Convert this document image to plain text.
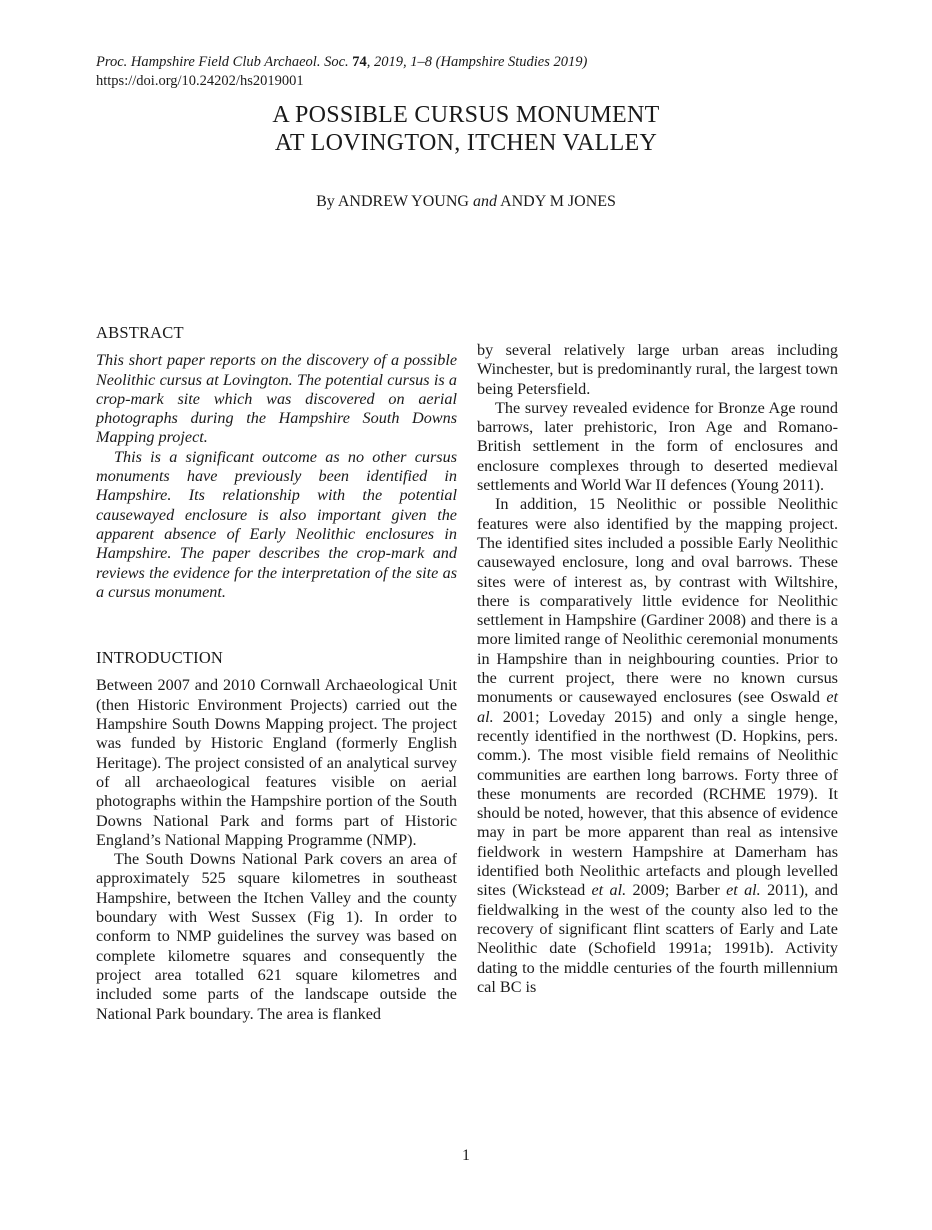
Proc. Hampshire Field Club Archaeol. Soc. 74, 2019, 1–8 (Hampshire Studies 2019)
https://doi.org/10.24202/hs2019001
A POSSIBLE CURSUS MONUMENT
AT LOVINGTON, ITCHEN VALLEY
By ANDREW YOUNG and ANDY M JONES

ABSTRACT

This short paper reports on the discovery of a possible Neolithic cursus at Lovington. The potential cursus is a crop-mark site which was discovered on aerial photographs during the Hampshire South Downs Mapping project.

This is a significant outcome as no other cursus monuments have previously been identified in Hampshire. Its relationship with the potential causewayed enclosure is also important given the apparent absence of Early Neolithic enclosures in Hampshire. The paper describes the crop-mark and reviews the evidence for the interpretation of the site as a cursus monument.

INTRODUCTION

Between 2007 and 2010 Cornwall Archaeological Unit (then Historic Environment Projects) carried out the Hampshire South Downs Mapping project. The project was funded by Historic England (formerly English Heritage). The project consisted of an analytical survey of all archaeological features visible on aerial photographs within the Hampshire portion of the South Downs National Park and forms part of Historic England’s National Mapping Programme (NMP).

The South Downs National Park covers an area of approximately 525 square kilometres in southeast Hampshire, between the Itchen Valley and the county boundary with West Sussex (Fig 1). In order to conform to NMP guidelines the survey was based on complete kilometre squares and consequently the project area totalled 621 square kilometres and included some parts of the landscape outside the National Park boundary. The area is flanked

by several relatively large urban areas including Winchester, but is predominantly rural, the largest town being Petersfield.

The survey revealed evidence for Bronze Age round barrows, later prehistoric, Iron Age and Romano-British settlement in the form of enclosures and enclosure complexes through to deserted medieval settlements and World War II defences (Young 2011).

In addition, 15 Neolithic or possible Neolithic features were also identified by the mapping project. The identified sites included a possible Early Neolithic causewayed enclosure, long and oval barrows. These sites were of interest as, by contrast with Wiltshire, there is comparatively little evidence for Neolithic settlement in Hampshire (Gardiner 2008) and there is a more limited range of Neolithic ceremonial monuments in Hampshire than in neighbouring counties. Prior to the current project, there were no known cursus monuments or causewayed enclosures (see Oswald et al. 2001; Loveday 2015) and only a single henge, recently identified in the northwest (D. Hopkins, pers. comm.). The most visible field remains of Neolithic communities are earthen long barrows. Forty three of these monuments are recorded (RCHME 1979). It should be noted, however, that this absence of evidence may in part be more apparent than real as intensive fieldwork in western Hampshire at Damerham has identified both Neolithic artefacts and plough levelled sites (Wickstead et al. 2009; Barber et al. 2011), and fieldwalking in the west of the county also led to the recovery of significant flint scatters of Early and Late Neolithic date (Schofield 1991a; 1991b). Activity dating to the middle centuries of the fourth millennium cal BC is

1
